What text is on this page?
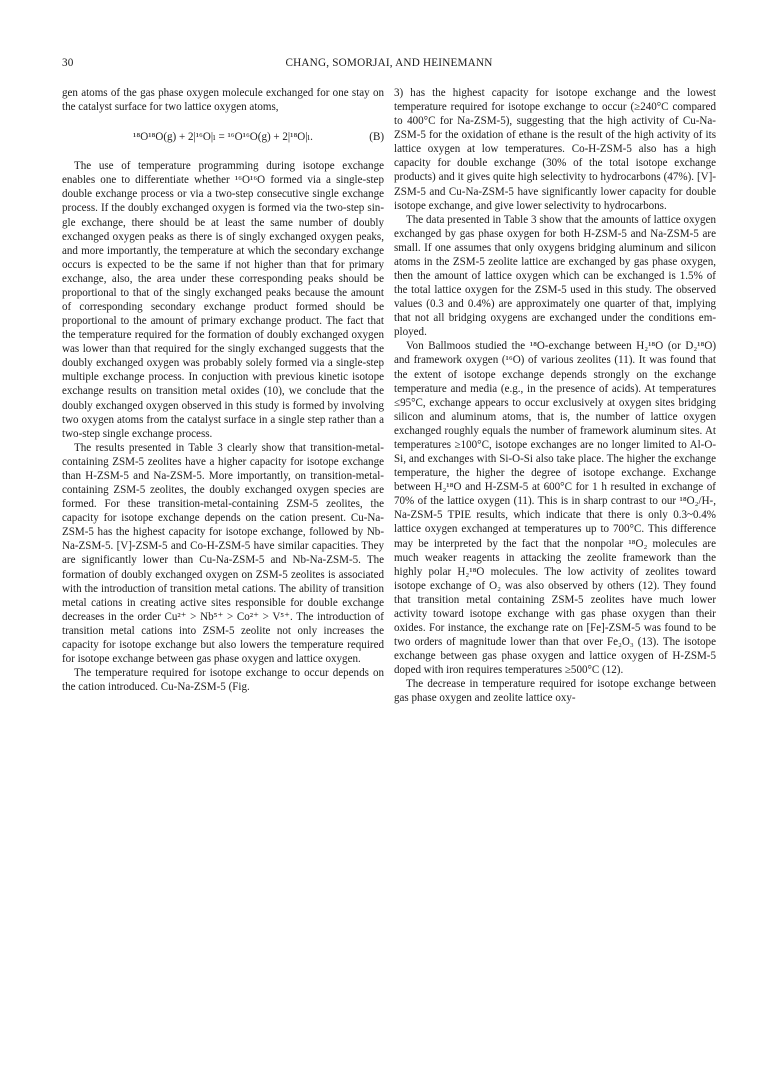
30	CHANG, SOMORJAI, AND HEINEMANN

gen atoms of the gas phase oxygen molecule exchanged for one stay on the catalyst surface for two lattice oxygen atoms,

¹⁸O¹⁸O(g) + 2|¹⁶O|ₗ = ¹⁶O¹⁶O(g) + 2|¹⁸O|ₗ.	(B)

The use of temperature programming during isotope exchange enables one to differentiate whether ¹⁶O¹⁶O formed via a single-step double exchange process or via a two-step consecutive single exchange process. If the doubly exchanged oxygen is formed via the two-step single exchange, there should be at least the same number of doubly exchanged oxygen peaks as there is of singly exchanged oxygen peaks, and more importantly, the temperature at which the secondary exchange occurs is expected to be the same if not higher than that for primary exchange, also, the area under these corresponding peaks should be proportional to that of the singly exchanged peaks because the amount of corresponding secondary exchange product formed should be proportional to the amount of primary exchange product. The fact that the temperature required for the formation of doubly exchanged oxygen was lower than that required for the singly exchanged suggests that the doubly exchanged oxygen was probably solely formed via a single-step multiple exchange process. In conjuction with previous kinetic isotope exchange results on transition metal oxides (10), we conclude that the doubly exchanged oxygen observed in this study is formed by involving two oxygen atoms from the catalyst surface in a single step rather than a two-step single exchange process.

The results presented in Table 3 clearly show that transition-metal-containing ZSM-5 zeolites have a higher capacity for isotope exchange than H-ZSM-5 and Na-ZSM-5. More importantly, on transition-metal-containing ZSM-5 zeolites, the doubly exchanged oxygen species are formed. For these transition-metal-containing ZSM-5 zeolites, the capacity for isotope exchange depends on the cation present. Cu-Na-ZSM-5 has the highest capacity for isotope exchange, followed by Nb-Na-ZSM-5. [V]-ZSM-5 and Co-H-ZSM-5 have similar capacities. They are significantly lower than Cu-Na-ZSM-5 and Nb-Na-ZSM-5. The formation of doubly exchanged oxygen on ZSM-5 zeolites is associated with the introduction of transition metal cations. The ability of transition metal cations in creating active sites responsible for double exchange decreases in the order Cu²⁺ > Nb⁵⁺ > Co²⁺ > V⁵⁺. The introduction of transition metal cations into ZSM-5 zeolite not only increases the capacity for isotope exchange but also lowers the temperature required for isotope exchange between gas phase oxygen and lattice oxygen.

The temperature required for isotope exchange to occur depends on the cation introduced. Cu-Na-ZSM-5 (Fig.

3) has the highest capacity for isotope exchange and the lowest temperature required for isotope exchange to occur (≥240°C compared to 400°C for Na-ZSM-5), suggesting that the high activity of Cu-Na-ZSM-5 for the oxidation of ethane is the result of the high activity of its lattice oxygen at low temperatures. Co-H-ZSM-5 also has a high capacity for double exchange (30% of the total isotope exchange products) and it gives quite high selectivity to hydrocarbons (47%). [V]-ZSM-5 and Cu-Na-ZSM-5 have significantly lower capacity for double isotope exchange, and give lower selectivity to hydrocarbons.

The data presented in Table 3 show that the amounts of lattice oxygen exchanged by gas phase oxygen for both H-ZSM-5 and Na-ZSM-5 are small. If one assumes that only oxygens bridging aluminum and silicon atoms in the ZSM-5 zeolite lattice are exchanged by gas phase oxygen, then the amount of lattice oxygen which can be exchanged is 1.5% of the total lattice oxygen for the ZSM-5 used in this study. The observed values (0.3 and 0.4%) are approximately one quarter of that, implying that not all bridging oxygens are exchanged under the conditions employed.

Von Ballmoos studied the ¹⁸O-exchange between H₂¹⁸O (or D₂¹⁸O) and framework oxygen (¹⁶O) of various zeolites (11). It was found that the extent of isotope exchange depends strongly on the exchange temperature and media (e.g., in the presence of acids). At temperatures ≤95°C, exchange appears to occur exclusively at oxygen sites bridging silicon and aluminum atoms, that is, the number of lattice oxygen exchanged roughly equals the number of framework aluminum sites. At temperatures ≥100°C, isotope exchanges are no longer limited to Al-O-Si, and exchanges with Si-O-Si also take place. The higher the exchange temperature, the higher the degree of isotope exchange. Exchange between H₂¹⁸O and H-ZSM-5 at 600°C for 1 h resulted in exchange of 70% of the lattice oxygen (11). This is in sharp contrast to our ¹⁸O₂/H-, Na-ZSM-5 TPIE results, which indicate that there is only 0.3~0.4% lattice oxygen exchanged at temperatures up to 700°C. This difference may be interpreted by the fact that the nonpolar ¹⁸O₂ molecules are much weaker reagents in attacking the zeolite framework than the highly polar H₂¹⁸O molecules. The low activity of zeolites toward isotope exchange of O₂ was also observed by others (12). They found that transition metal containing ZSM-5 zeolites have much lower activity toward isotope exchange with gas phase oxygen than their oxides. For instance, the exchange rate on [Fe]-ZSM-5 was found to be two orders of magnitude lower than that over Fe₂O₃ (13). The isotope exchange between gas phase oxygen and lattice oxygen of H-ZSM-5 doped with iron requires temperatures ≥500°C (12).

The decrease in temperature required for isotope exchange between gas phase oxygen and zeolite lattice oxy-
